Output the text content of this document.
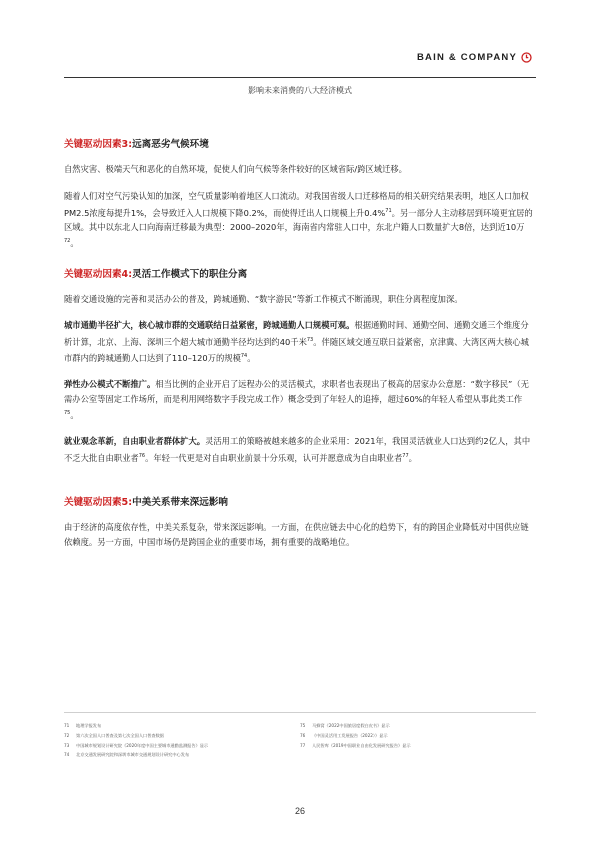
BAIN & COMPANY
影响未来消费的八大经济模式
关键驱动因素3:远离恶劣气候环境
自然灾害、极端天气和恶化的自然环境，促使人们向气候等条件较好的区域省际/跨区域迁移。
随着人们对空气污染认知的加深，空气质量影响着地区人口流动。对我国省级人口迁移格局的相关研究结果表明，地区人口加权PM2.5浓度每提升1%，会导致迁入人口规模下降0.2%，而使得迁出人口规模上升0.4%$^{71}$。另一部分人主动移居到环境更宜居的区域。其中以东北人口向海南迁移最为典型：2000–2020年，海南省内常驻人口中，东北户籍人口数量扩大8倍，达到近10万$^{72}$。
关键驱动因素4:灵活工作模式下的职住分离
随着交通设施的完善和灵活办公的普及，跨城通勤、“数字游民”等新工作模式不断涌现，职住分离程度加深。
城市通勤半径扩大，核心城市群的交通联结日益紧密，跨城通勤人口规模可观。根据通勤时间、通勤空间、通勤交通三个维度分析计算，北京、上海、深圳三个超大城市通勤半径均达到约40千米$^{73}$。伴随区域交通互联日益紧密，京津冀、大湾区两大核心城市群内的跨城通勤人口达到了110–120万的规模$^{74}$。
弹性办公模式不断推广。相当比例的企业开启了远程办公的灵活模式，求职者也表现出了极高的居家办公意愿：“数字移民”（无需办公室等固定工作场所，而是利用网络数字手段完成工作）概念受到了年轻人的追捧，超过60%的年轻人希望从事此类工作$^{75}$。
就业观念革新，自由职业者群体扩大。灵活用工的策略被越来越多的企业采用：2021年，我国灵活就业人口达到约2亿人，其中不乏大批自由职业者$^{76}$。年轻一代更是对自由职业前景十分乐观，认可并愿意成为自由职业者$^{77}$。
关键驱动因素5:中美关系带来深远影响
由于经济的高度依存性，中美关系复杂，带来深远影响。一方面，在供应链去中心化的趋势下，有的跨国企业降低对中国供应链依赖度。另一方面，中国市场仍是跨国企业的重要市场，拥有重要的战略地位。
71 地理学报发布
72 第六次全国人口普查及第七次全国人口普查数据
73 中国城市规划设计研究院《2020年度中国主要城市通勤监测报告》显示
74 北京交通发展研究院和深圳市城市交通规划设计研究中心发布
75 马蜂窝《2022中国旅居度假白皮书》显示
76 《中国灵活用工发展报告（2022）》显示
77 人民智库《2019中国职业自由化发展研究报告》显示
26
